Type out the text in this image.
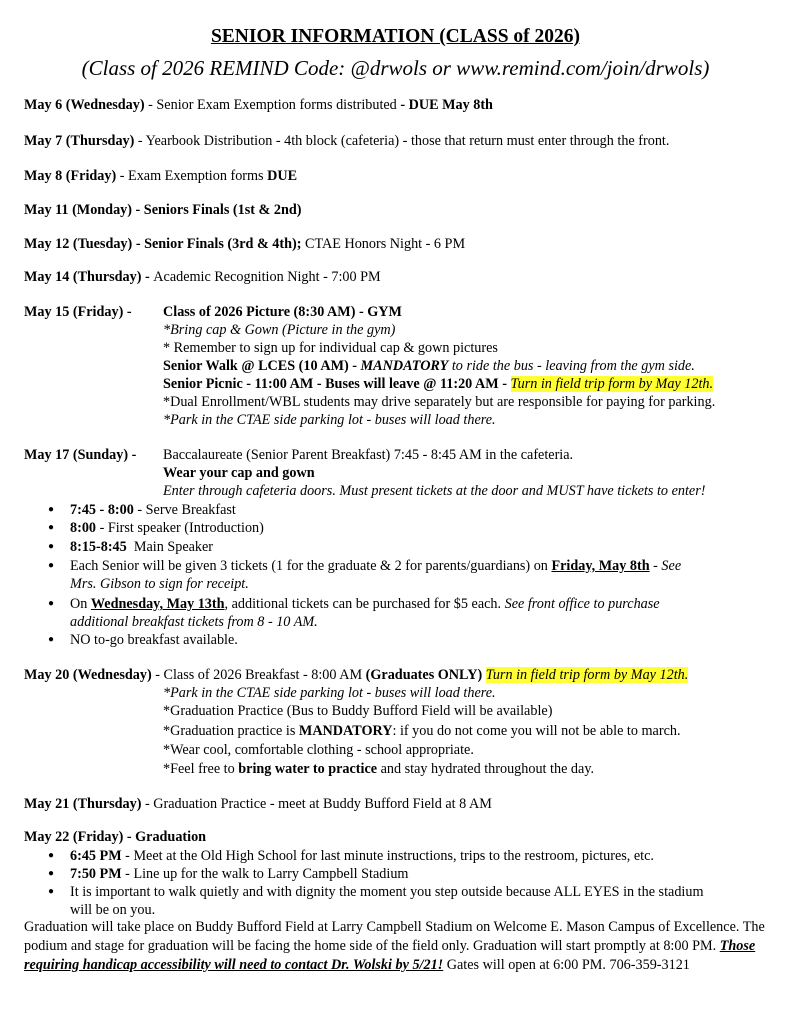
SENIOR INFORMATION (CLASS of 2026)
(Class of 2026 REMIND Code: @drwols or www.remind.com/join/drwols)
May 6 (Wednesday) - Senior Exam Exemption forms distributed - DUE May 8th
May 7 (Thursday) - Yearbook Distribution - 4th block (cafeteria) - those that return must enter through the front.
May 8 (Friday) - Exam Exemption forms DUE
May 11 (Monday) - Seniors Finals (1st & 2nd)
May 12 (Tuesday) - Senior Finals (3rd & 4th); CTAE Honors Night - 6 PM
May 14 (Thursday) - Academic Recognition Night - 7:00 PM
May 15 (Friday) - Class of 2026 Picture (8:30 AM) - GYM
*Bring cap & Gown (Picture in the gym)
* Remember to sign up for individual cap & gown pictures
Senior Walk @ LCES (10 AM) - MANDATORY to ride the bus - leaving from the gym side.
Senior Picnic - 11:00 AM - Buses will leave @ 11:20 AM - Turn in field trip form by May 12th.
*Dual Enrollment/WBL students may drive separately but are responsible for paying for parking.
*Park in the CTAE side parking lot - buses will load there.
May 17 (Sunday) - Baccalaureate (Senior Parent Breakfast) 7:45 - 8:45 AM in the cafeteria.
Wear your cap and gown
Enter through cafeteria doors. Must present tickets at the door and MUST have tickets to enter!
● 7:45 - 8:00 - Serve Breakfast
● 8:00 - First speaker (Introduction)
● 8:15-8:45  Main Speaker
● Each Senior will be given 3 tickets (1 for the graduate & 2 for parents/guardians) on Friday, May 8th - See
Mrs. Gibson to sign for receipt.
● On Wednesday, May 13th, additional tickets can be purchased for $5 each. See front office to purchase
additional breakfast tickets from 8 - 10 AM.
● NO to-go breakfast available.
May 20 (Wednesday) - Class of 2026 Breakfast - 8:00 AM (Graduates ONLY) Turn in field trip form by May 12th.
*Park in the CTAE side parking lot - buses will load there.
*Graduation Practice (Bus to Buddy Bufford Field will be available)
*Graduation practice is MANDATORY: if you do not come you will not be able to march.
*Wear cool, comfortable clothing - school appropriate.
*Feel free to bring water to practice and stay hydrated throughout the day.
May 21 (Thursday) - Graduation Practice - meet at Buddy Bufford Field at 8 AM
May 22 (Friday) - Graduation
● 6:45 PM - Meet at the Old High School for last minute instructions, trips to the restroom, pictures, etc.
● 7:50 PM - Line up for the walk to Larry Campbell Stadium
● It is important to walk quietly and with dignity the moment you step outside because ALL EYES in the stadium
will be on you.
Graduation will take place on Buddy Bufford Field at Larry Campbell Stadium on Welcome E. Mason Campus of Excellence. The podium and stage for graduation will be facing the home side of the field only. Graduation will start promptly at 8:00 PM. Those requiring handicap accessibility will need to contact Dr. Wolski by 5/21! Gates will open at 6:00 PM. 706-359-3121
